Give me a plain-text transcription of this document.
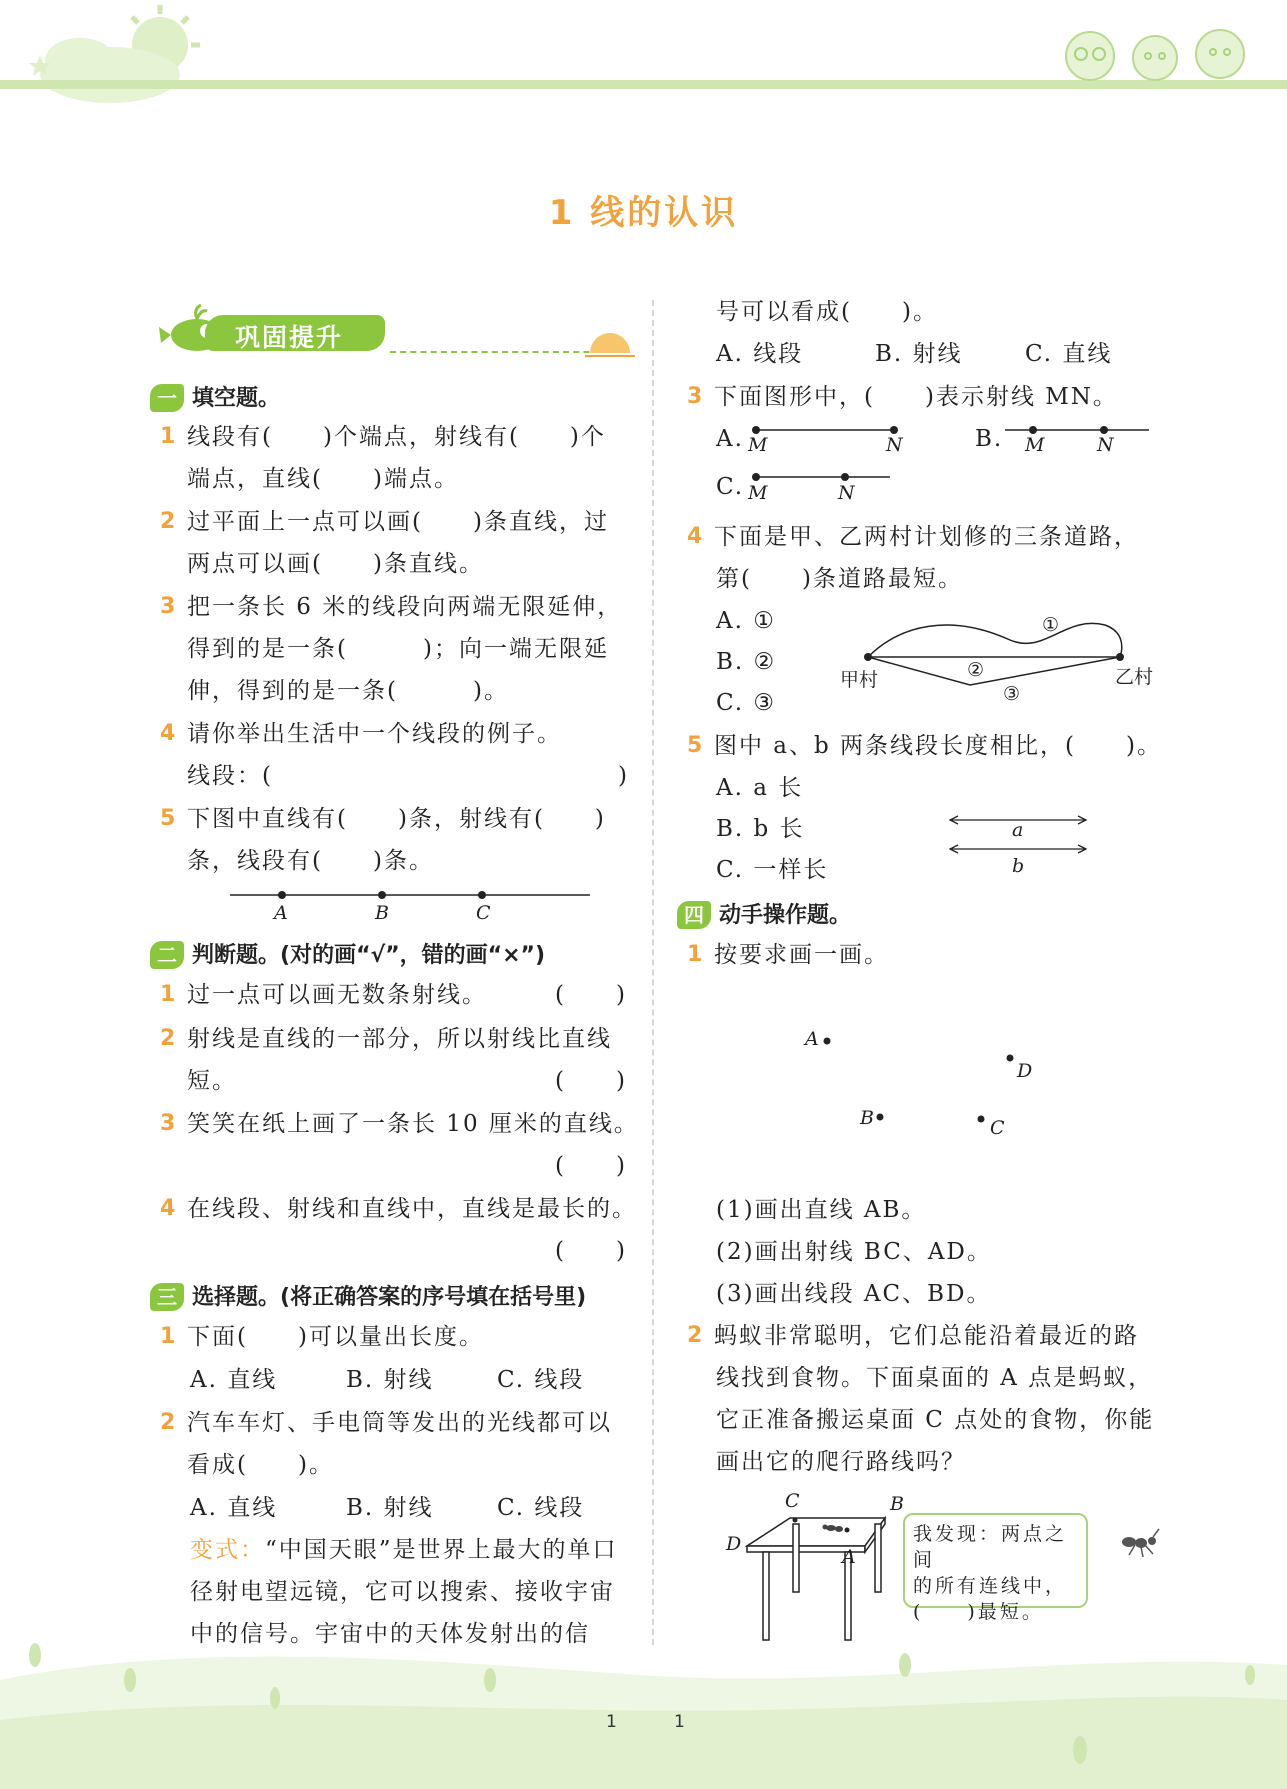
1 线的认识
巩固提升
一 填空题。
1 线段有(　　)个端点，射线有(　　)个
端点，直线(　　)端点。
2 过平面上一点可以画(　　)条直线，过
两点可以画(　　)条直线。
3 把一条长 6 米的线段向两端无限延伸，
得到的是一条(　　　)；向一端无限延
伸，得到的是一条(　　　)。
4 请你举出生活中一个线段的例子。
线段：(	)
5 下图中直线有(　　)条，射线有(　　)
条，线段有(　　)条。
A	B	C
二 判断题。(对的画“√”，错的画“×”)
1 过一点可以画无数条射线。	(　　)
2 射线是直线的一部分，所以射线比直线
短。	(　　)
3 笑笑在纸上画了一条长 10 厘米的直线。
(　　)
4 在线段、射线和直线中，直线是最长的。
(　　)
三 选择题。(将正确答案的序号填在括号里)
1 下面(　　)可以量出长度。
A. 直线	B. 射线	C. 线段
2 汽车车灯、手电筒等发出的光线都可以
看成(　　)。
A. 直线	B. 射线	C. 线段
变式：“中国天眼”是世界上最大的单口
径射电望远镜，它可以搜索、接收宇宙
中的信号。宇宙中的天体发射出的信
号可以看成(　　)。
A. 线段	B. 射线	C. 直线
3 下面图形中，(　　)表示射线 MN。
A. M	N	B. M	N
C. M	N
4 下面是甲、乙两村计划修的三条道路，
第(　　)条道路最短。
A. ①
B. ②
C. ③
甲村	乙村
①
②
③
5 图中 a、b 两条线段长度相比，(　　)。
A. a 长
B. b 长
C. 一样长
a
b
四 动手操作题。
1 按要求画一画。
A
D
B	C
(1)画出直线 AB。
(2)画出射线 BC、AD。
(3)画出线段 AC、BD。
2 蚂蚁非常聪明，它们总能沿着最近的路
线找到食物。下面桌面的 A 点是蚂蚁，
它正准备搬运桌面 C 点处的食物，你能
画出它的爬行路线吗？
C	B
D
A
我发现：两点之间
的所有连线中，
(　　)最短。
1	1
